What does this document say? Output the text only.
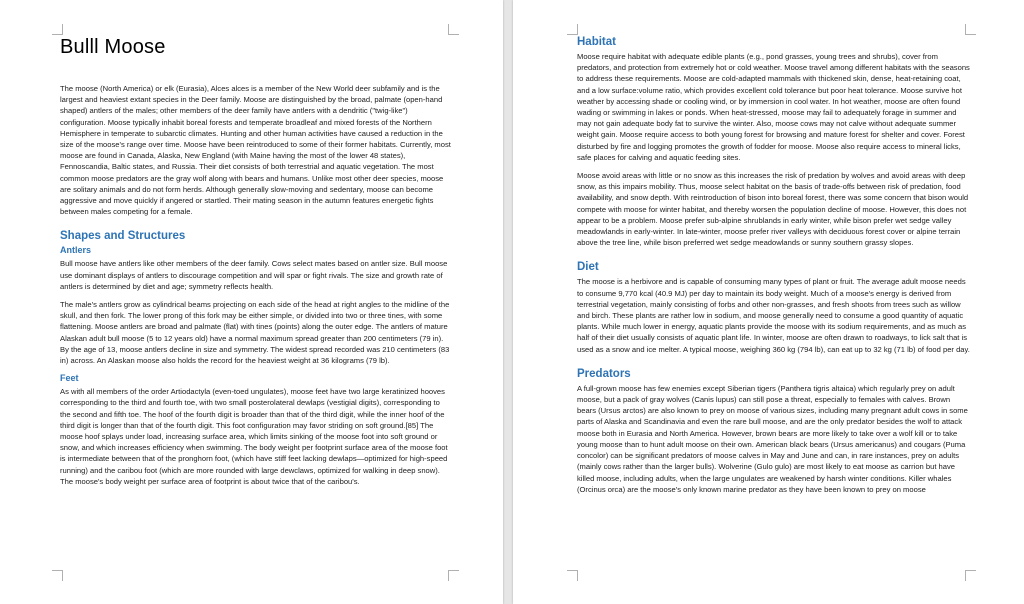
Bulll Moose
The moose (North America) or elk (Eurasia), Alces alces is a member of the New World deer subfamily and is the largest and heaviest extant species in the Deer family. Moose are distinguished by the broad, palmate (open-hand shaped) antlers of the males; other members of the deer family have antlers with a dendritic ("twig-like") configuration. Moose typically inhabit boreal forests and temperate broadleaf and mixed forests of the Northern Hemisphere in temperate to subarctic climates. Hunting and other human activities have caused a reduction in the size of the moose's range over time. Moose have been reintroduced to some of their former habitats. Currently, most moose are found in Canada, Alaska, New England (with Maine having the most of the lower 48 states), Fennoscandia, Baltic states, and Russia. Their diet consists of both terrestrial and aquatic vegetation. The most common moose predators are the gray wolf along with bears and humans. Unlike most other deer species, moose are solitary animals and do not form herds. Although generally slow-moving and sedentary, moose can become aggressive and move quickly if angered or startled. Their mating season in the autumn features energetic fights between males competing for a female.
Shapes and Structures
Antlers
Bull moose have antlers like other members of the deer family. Cows select mates based on antler size. Bull moose use dominant displays of antlers to discourage competition and will spar or fight rivals. The size and growth rate of antlers is determined by diet and age; symmetry reflects health.
The male's antlers grow as cylindrical beams projecting on each side of the head at right angles to the midline of the skull, and then fork. The lower prong of this fork may be either simple, or divided into two or three tines, with some flattening. Moose antlers are broad and palmate (flat) with tines (points) along the outer edge. The antlers of mature Alaskan adult bull moose (5 to 12 years old) have a normal maximum spread greater than 200 centimeters (79 in). By the age of 13, moose antlers decline in size and symmetry. The widest spread recorded was 210 centimeters (83 in) across. An Alaskan moose also holds the record for the heaviest weight at 36 kilograms (79 lb).
Feet
As with all members of the order Artiodactyla (even-toed ungulates), moose feet have two large keratinized hooves corresponding to the third and fourth toe, with two small posterolateral dewlaps (vestigial digits), corresponding to the second and fifth toe. The hoof of the fourth digit is broader than that of the third digit, while the inner hoof of the third digit is longer than that of the fourth digit. This foot configuration may favor striding on soft ground.[85] The moose hoof splays under load, increasing surface area, which limits sinking of the moose foot into soft ground or snow, and which increases efficiency when swimming. The body weight per footprint surface area of the moose foot is intermediate between that of the pronghorn foot, (which have stiff feet lacking dewlaps—optimized for high-speed running) and the caribou foot (which are more rounded with large dewclaws, optimized for walking in deep snow). The moose's body weight per surface area of footprint is about twice that of the caribou's.
Habitat
Moose require habitat with adequate edible plants (e.g., pond grasses, young trees and shrubs), cover from predators, and protection from extremely hot or cold weather. Moose travel among different habitats with the seasons to address these requirements. Moose are cold-adapted mammals with thickened skin, dense, heat-retaining coat, and a low surface:volume ratio, which provides excellent cold tolerance but poor heat tolerance. Moose survive hot weather by accessing shade or cooling wind, or by immersion in cool water. In hot weather, moose are often found wading or swimming in lakes or ponds. When heat-stressed, moose may fail to adequately forage in summer and may not gain adequate body fat to survive the winter. Also, moose cows may not calve without adequate summer weight gain. Moose require access to both young forest for browsing and mature forest for shelter and cover. Forest disturbed by fire and logging promotes the growth of fodder for moose. Moose also require access to mineral licks, safe places for calving and aquatic feeding sites.
Moose avoid areas with little or no snow as this increases the risk of predation by wolves and avoid areas with deep snow, as this impairs mobility. Thus, moose select habitat on the basis of trade-offs between risk of predation, food availability, and snow depth. With reintroduction of bison into boreal forest, there was some concern that bison would compete with moose for winter habitat, and thereby worsen the population decline of moose. However, this does not appear to be a problem. Moose prefer sub-alpine shrublands in early winter, while bison prefer wet sedge valley meadowlands in early-winter. In late-winter, moose prefer river valleys with deciduous forest cover or alpine terrain above the tree line, while bison preferred wet sedge meadowlands or sunny southern grassy slopes.
Diet
The moose is a herbivore and is capable of consuming many types of plant or fruit. The average adult moose needs to consume 9,770 kcal (40.9 MJ) per day to maintain its body weight. Much of a moose's energy is derived from terrestrial vegetation, mainly consisting of forbs and other non-grasses, and fresh shoots from trees such as willow and birch. These plants are rather low in sodium, and moose generally need to consume a good quantity of aquatic plants. While much lower in energy, aquatic plants provide the moose with its sodium requirements, and as much as half of their diet usually consists of aquatic plant life. In winter, moose are often drawn to roadways, to lick salt that is used as a snow and ice melter. A typical moose, weighing 360 kg (794 lb), can eat up to 32 kg (71 lb) of food per day.
Predators
A full-grown moose has few enemies except Siberian tigers (Panthera tigris altaica) which regularly prey on adult moose, but a pack of gray wolves (Canis lupus) can still pose a threat, especially to females with calves. Brown bears (Ursus arctos) are also known to prey on moose of various sizes, including many pregnant adult cows in some parts of Alaska and Scandinavia and even the rare bull moose, and are the only predator besides the wolf to attack moose both in Eurasia and North America. However, brown bears are more likely to take over a wolf kill or to take young moose than to hunt adult moose on their own. American black bears (Ursus americanus) and cougars (Puma concolor) can be significant predators of moose calves in May and June and can, in rare instances, prey on adults (mainly cows rather than the larger bulls). Wolverine (Gulo gulo) are most likely to eat moose as carrion but have killed moose, including adults, when the large ungulates are weakened by harsh winter conditions. Killer whales (Orcinus orca) are the moose's only known marine predator as they have been known to prey on moose
